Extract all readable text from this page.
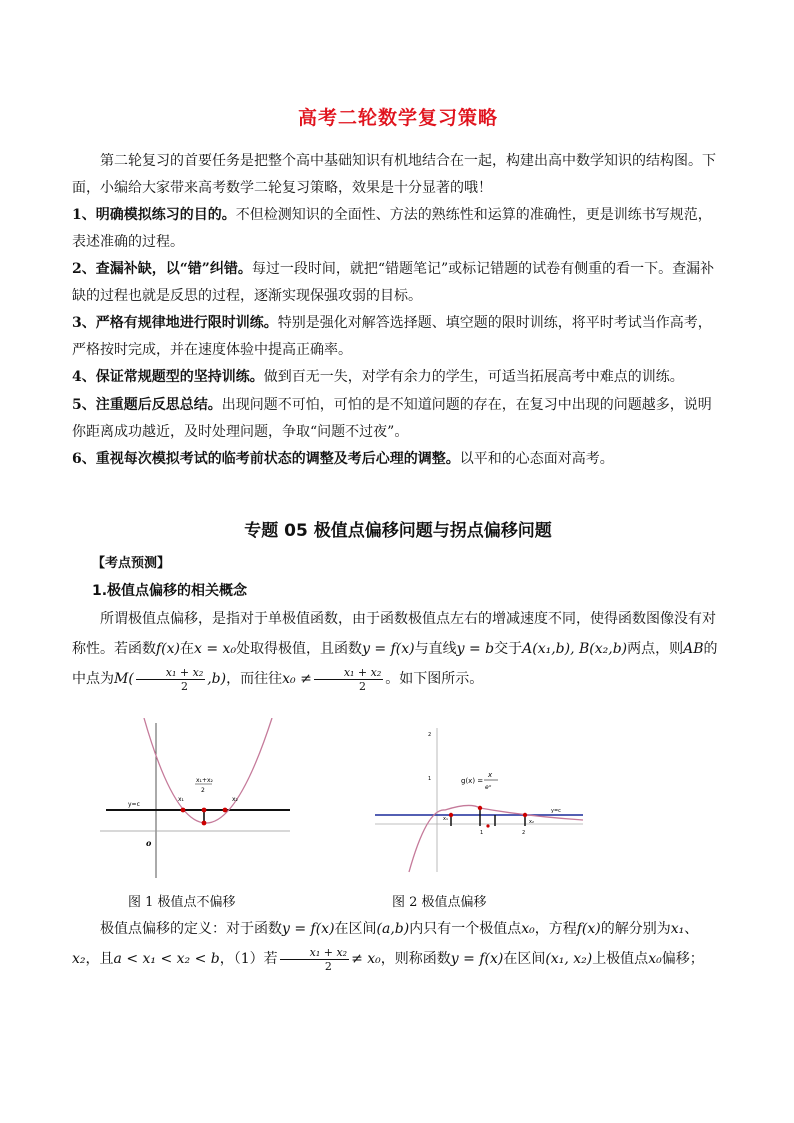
高考二轮数学复习策略
第二轮复习的首要任务是把整个高中基础知识有机地结合在一起，构建出高中数学知识的结构图。下面，小编给大家带来高考数学二轮复习策略，效果是十分显著的哦！
1、明确模拟练习的目的。不但检测知识的全面性、方法的熟练性和运算的准确性，更是训练书写规范，表述准确的过程。
2、查漏补缺，以“错”纠错。每过一段时间，就把“错题笔记”或标记错题的试卷有侧重的看一下。查漏补缺的过程也就是反思的过程，逐渐实现保强攻弱的目标。
3、严格有规律地进行限时训练。特别是强化对解答选择题、填空题的限时训练，将平时考试当作高考，严格按时完成，并在速度体验中提高正确率。
4、保证常规题型的坚持训练。做到百无一失，对学有余力的学生，可适当拓展高考中难点的训练。
5、注重题后反思总结。出现问题不可怕，可怕的是不知道问题的存在，在复习中出现的问题越多，说明你距离成功越近，及时处理问题，争取“问题不过夜”。
6、重视每次模拟考试的临考前状态的调整及考后心理的调整。以平和的心态面对高考。
专题 05 极值点偏移问题与拐点偏移问题
【考点预测】
1.极值点偏移的相关概念
所谓极值点偏移，是指对于单极值函数，由于函数极值点左右的增减速度不同，使得函数图像没有对称性。若函数f(x)在x = x₀处取得极值，且函数y = f(x)与直线y = b交于A(x₁,b), B(x₂,b)两点，则AB的中点为$M( \frac{\text{x₁ + x₂}}{2} ,b)$，而往往$x_0 \ne \frac{\text{x₁ + x₂}}{2}$ 。如下图所示。
y=c
x₁	x₂
x₁+x₂
2
o
图 1 极值点不偏移
2
1
y=c
g(x) =
x
eˣ
x₁	x₂
2
1
图 2 极值点偏移
极值点偏移的定义：对于函数y = f(x)在区间(a,b)内只有一个极值点x₀，方程f(x)的解分别为x₁、x₂，且a < x₁ < x₂ < b，（1）若 $\frac{\text{x₁ + x₂}}{2} \ne x_0$，则称函数y = f(x)在区间(x₁, x₂)上极值点x₀偏移；
